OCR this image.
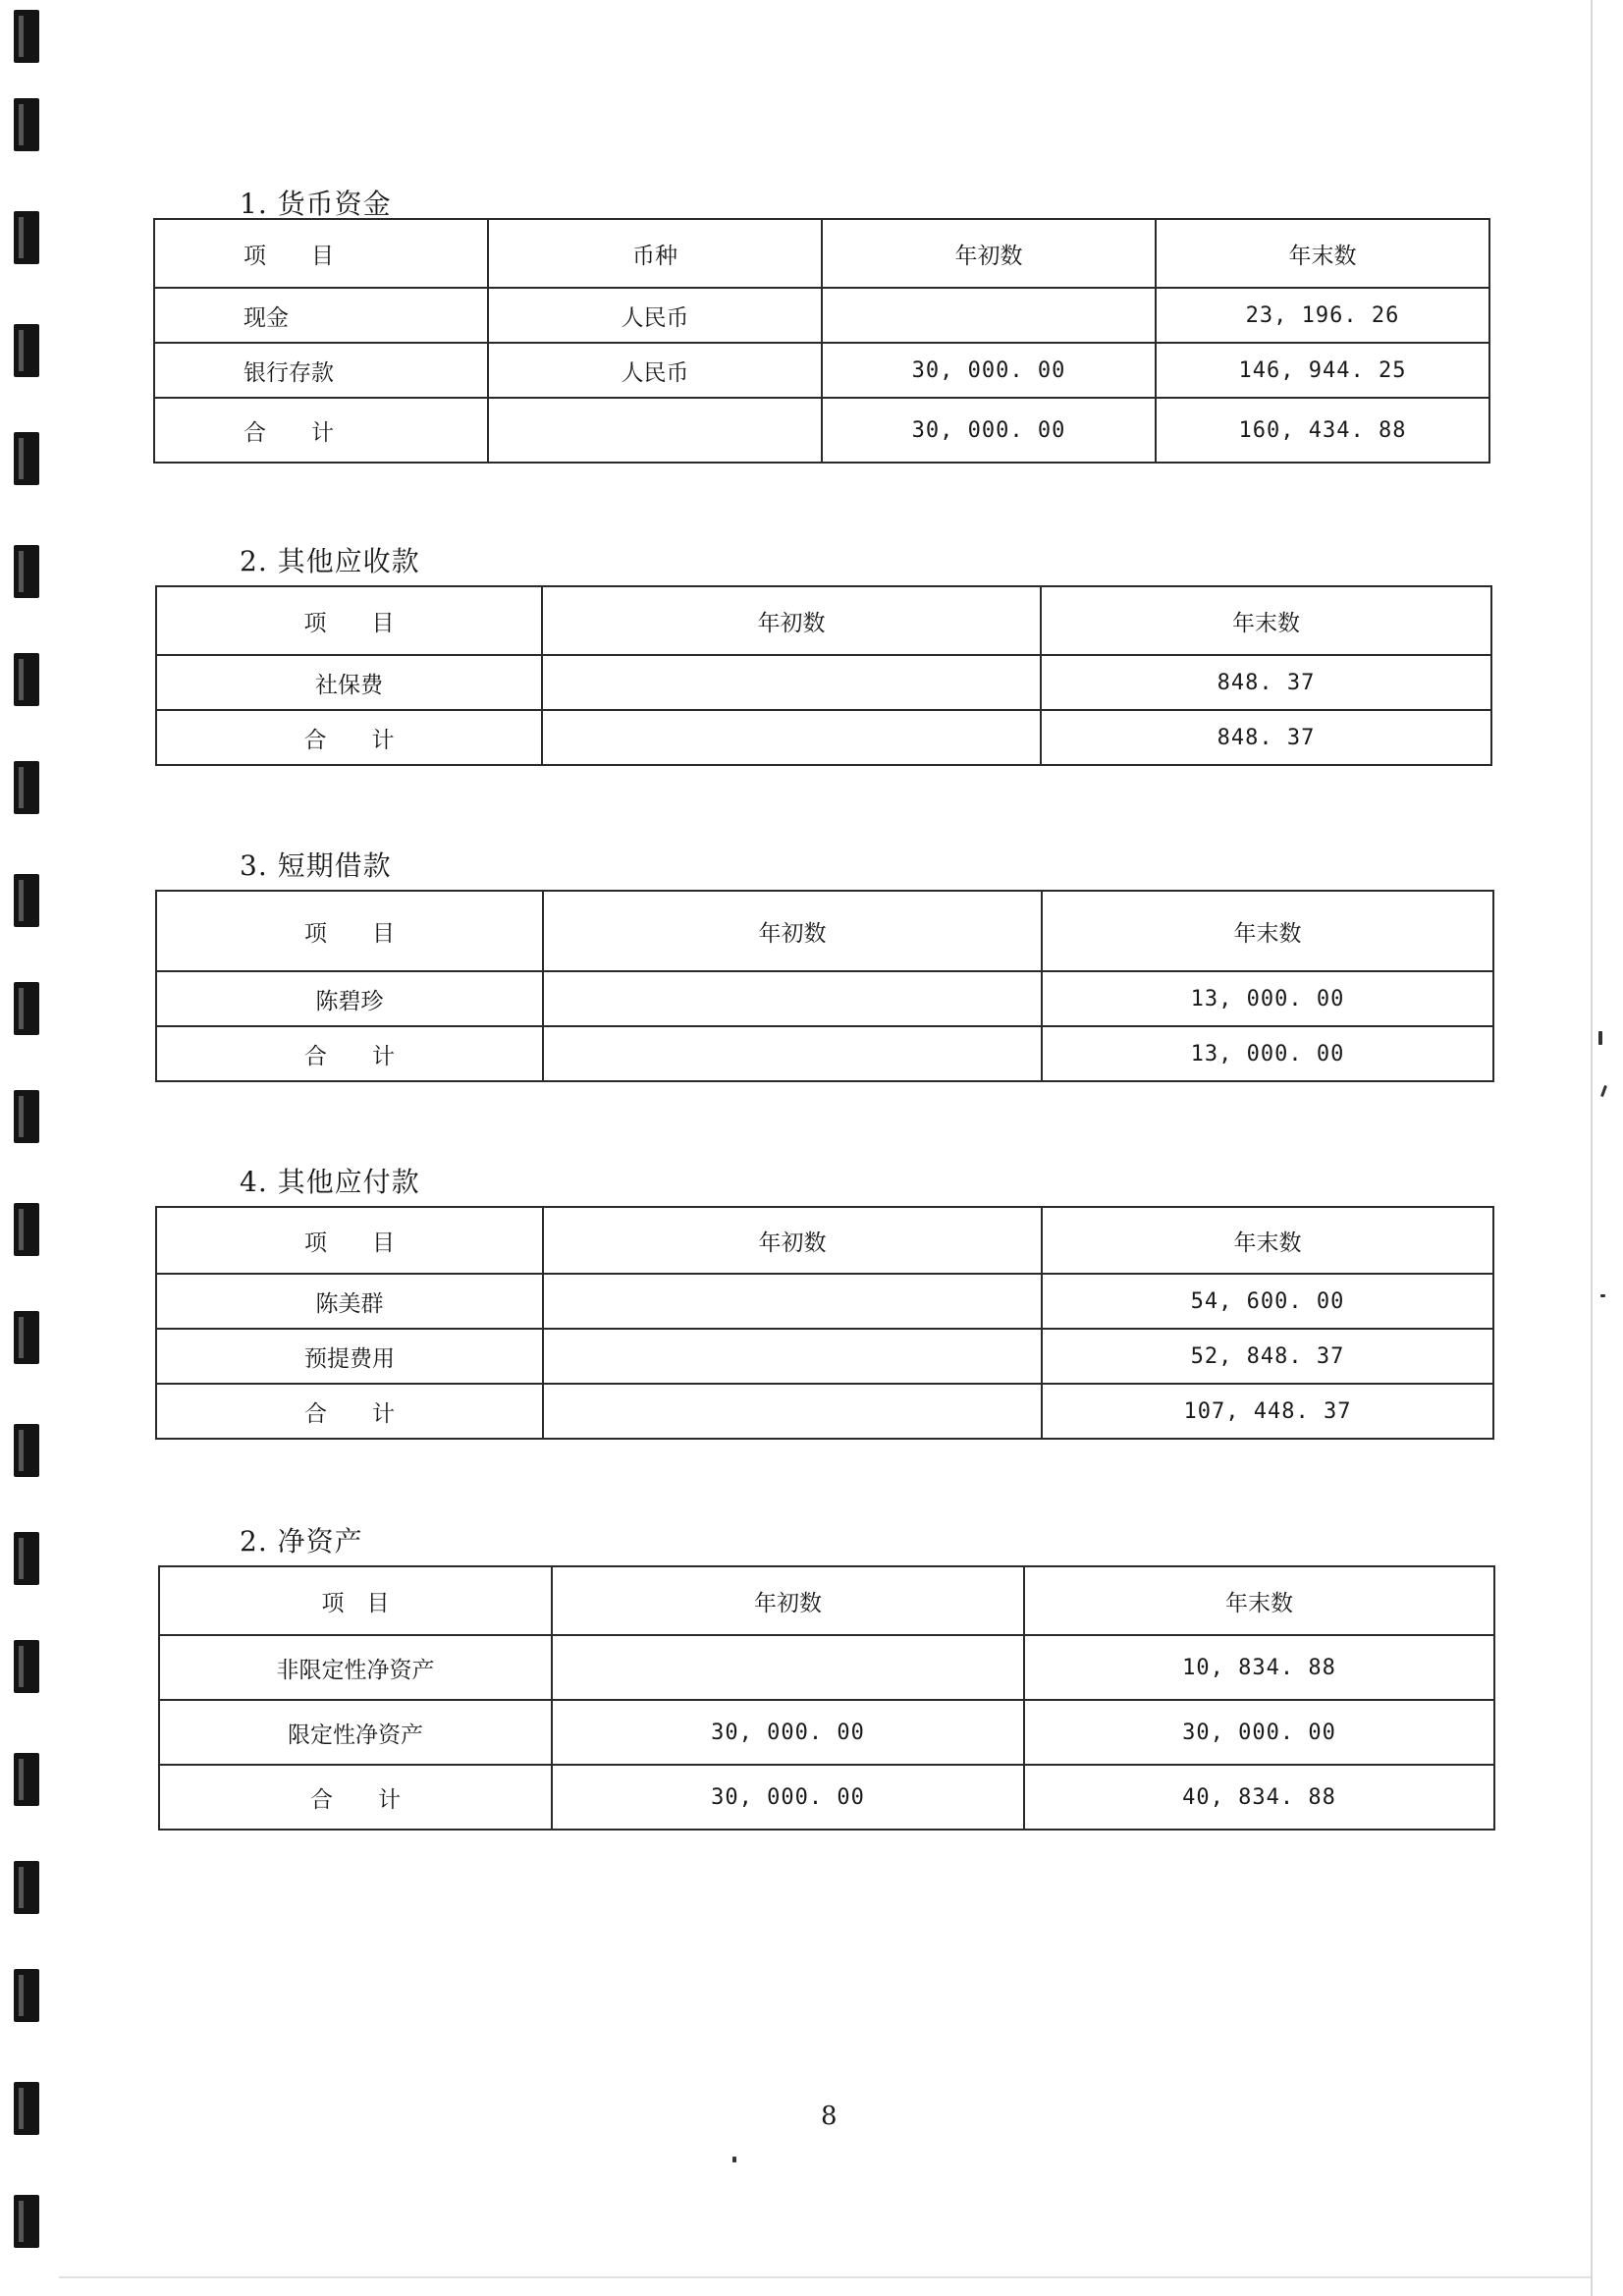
1. 货币资金
项　　目	币种	年初数	年末数
现金	人民币		23, 196. 26
银行存款	人民币	30, 000. 00	146, 944. 25
合　　计		30, 000. 00	160, 434. 88
2. 其他应收款
项　　目	年初数	年末数
社保费		848. 37
合　　计		848. 37
3. 短期借款
项　　目	年初数	年末数
陈碧珍		13, 000. 00
合　　计		13, 000. 00
4. 其他应付款
项　　目	年初数	年末数
陈美群		54, 600. 00
预提费用		52, 848. 37
合　　计		107, 448. 37
2. 净资产
项　目	年初数	年末数
非限定性净资产		10, 834. 88
限定性净资产	30, 000. 00	30, 000. 00
合　　计	30, 000. 00	40, 834. 88
8
